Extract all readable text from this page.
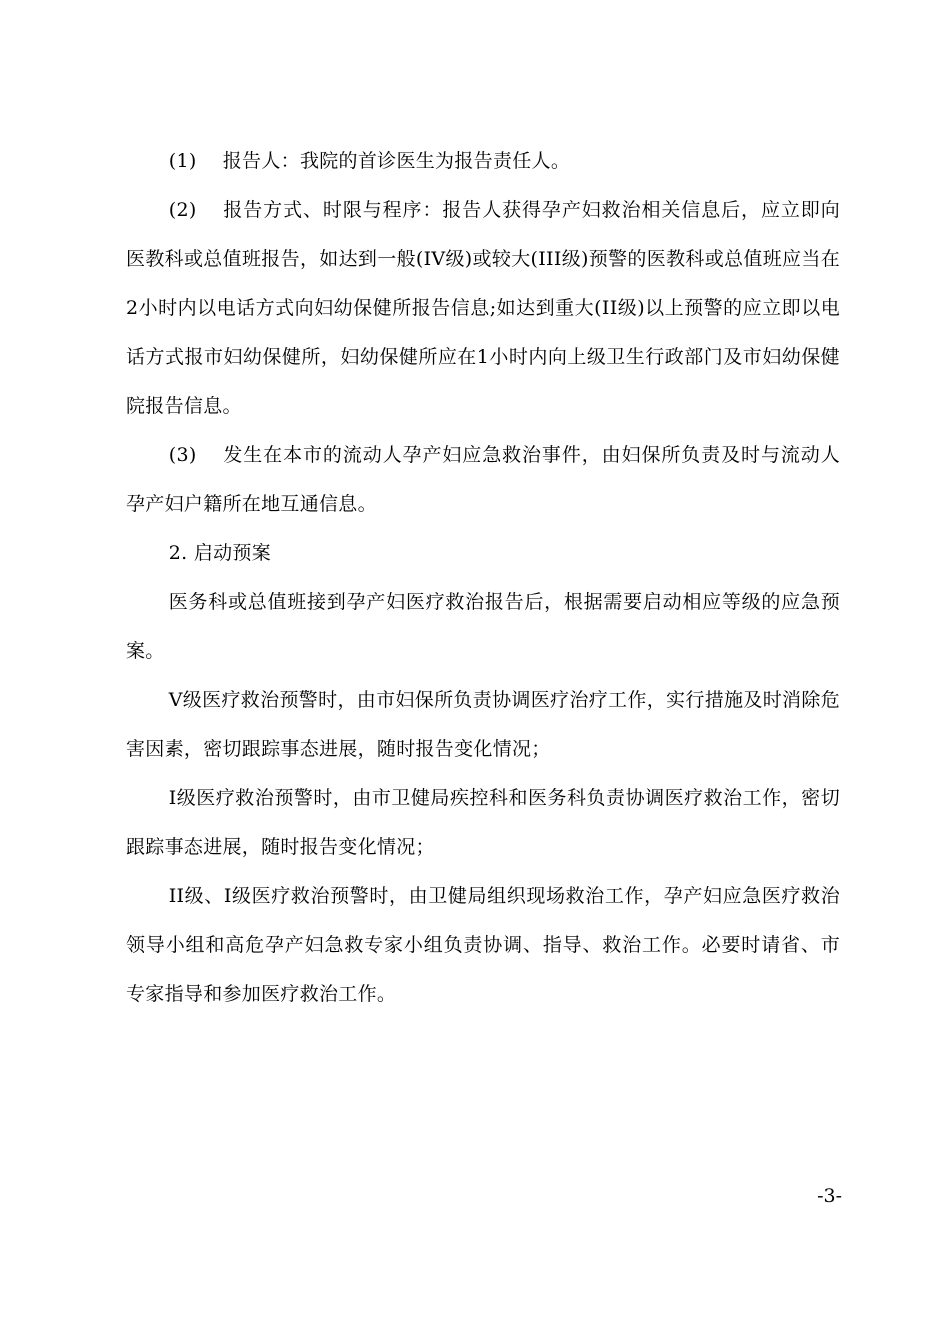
(1) 报告人：我院的首诊医生为报告责任人。

(2) 报告方式、时限与程序：报告人获得孕产妇救治相关信息后，应立即向医教科或总值班报告，如达到一般(IV级)或较大(III级)预警的医教科或总值班应当在2小时内以电话方式向妇幼保健所报告信息;如达到重大(II级)以上预警的应立即以电话方式报市妇幼保健所，妇幼保健所应在1小时内向上级卫生行政部门及市妇幼保健院报告信息。

(3) 发生在本市的流动人孕产妇应急救治事件，由妇保所负责及时与流动人孕产妇户籍所在地互通信息。

2. 启动预案

医务科或总值班接到孕产妇医疗救治报告后，根据需要启动相应等级的应急预案。

V级医疗救治预警时，由市妇保所负责协调医疗治疗工作，实行措施及时消除危害因素，密切跟踪事态进展，随时报告变化情况；

I级医疗救治预警时，由市卫健局疾控科和医务科负责协调医疗救治工作，密切跟踪事态进展，随时报告变化情况；

II级、I级医疗救治预警时，由卫健局组织现场救治工作，孕产妇应急医疗救治领导小组和高危孕产妇急救专家小组负责协调、指导、救治工作。必要时请省、市专家指导和参加医疗救治工作。

-3-
